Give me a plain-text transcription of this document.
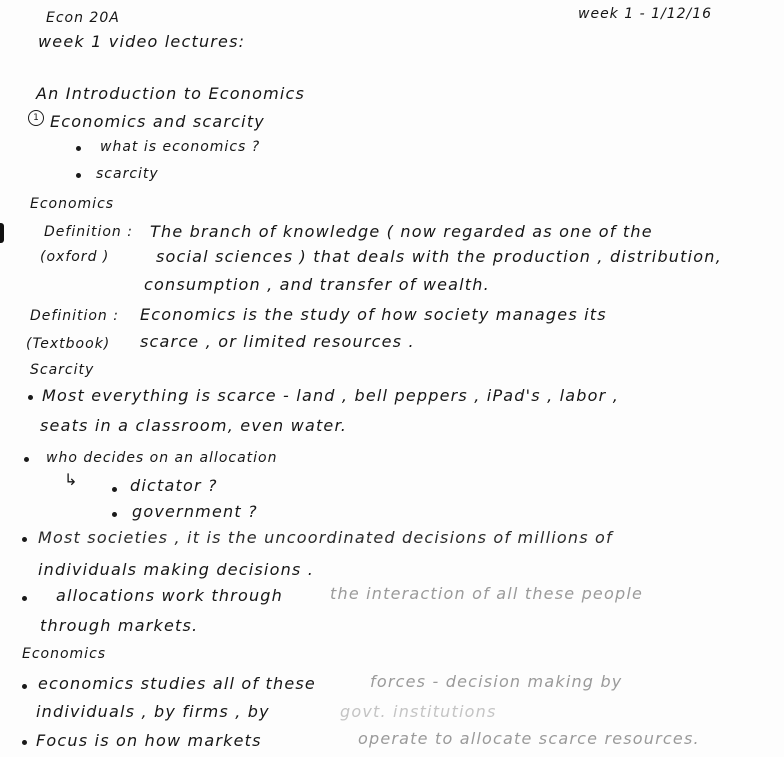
Econ 20A	week 1 - 1/12/16
week 1 video lectures:
An Introduction to Economics
1 Economics and scarcity
what is economics ?
scarcity
Economics
Definition :
(oxford )
The branch of knowledge ( now regarded as one of the
social sciences ) that deals with the production , distribution,
consumption , and transfer of wealth.
Definition :
(Textbook)
Economics is the study of how society manages its
scarce , or limited resources .
Scarcity
Most everything is scarce - land , bell peppers , iPad's , labor ,
seats in a classroom, even water.
who decides on an allocation
↳	dictator ?
government ?
Most societies , it is the uncoordinated decisions of millions of
individuals making decisions .
allocations work through	the interaction of all these people
through markets.
Economics
economics studies all of these	forces - decision making by
individuals , by firms , by	govt. institutions
Focus is on how markets	operate to allocate scarce resources.
